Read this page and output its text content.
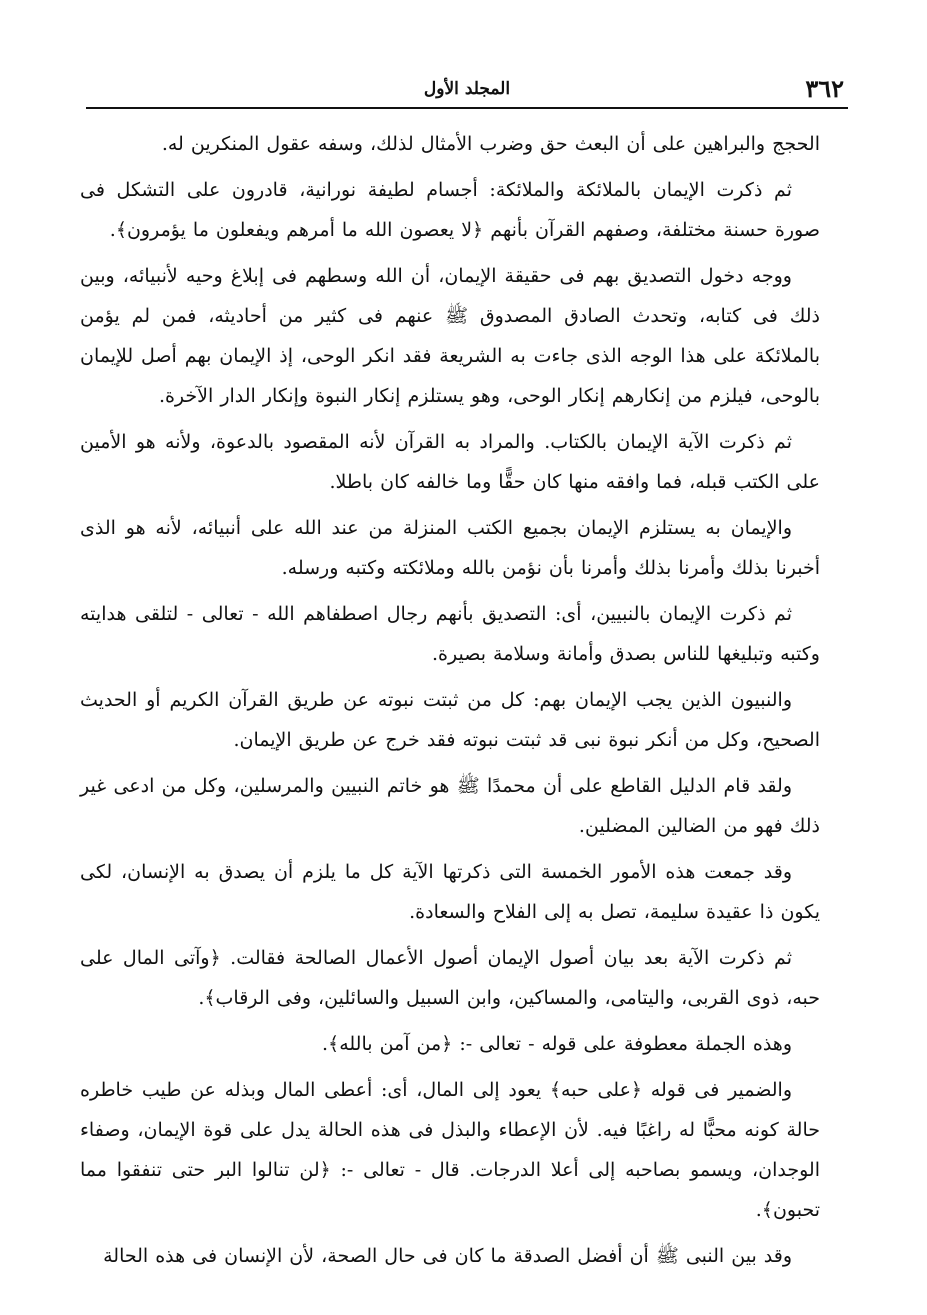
٣٦٢
المجلد الأول

الحجج والبراهين على أن البعث حق وضرب الأمثال لذلك، وسفه عقول المنكرين له.

ثم ذكرت الإيمان بالملائكة والملائكة: أجسام لطيفة نورانية، قادرون على التشكل فى صورة حسنة مختلفة، وصفهم القرآن بأنهم ﴿لا يعصون الله ما أمرهم ويفعلون ما يؤمرون﴾.

ووجه دخول التصديق بهم فى حقيقة الإيمان، أن الله وسطهم فى إبلاغ وحيه لأنبيائه، وبين ذلك فى كتابه، وتحدث الصادق المصدوق ﷺ عنهم فى كثير من أحاديثه، فمن لم يؤمن بالملائكة على هذا الوجه الذى جاءت به الشريعة فقد انكر الوحى، إذ الإيمان بهم أصل للإيمان بالوحى، فيلزم من إنكارهم إنكار الوحى، وهو يستلزم إنكار النبوة وإنكار الدار الآخرة.

ثم ذكرت الآية الإيمان بالكتاب. والمراد به القرآن لأنه المقصود بالدعوة، ولأنه هو الأمين على الكتب قبله، فما وافقه منها كان حقًّا وما خالفه كان باطلا.

والإيمان به يستلزم الإيمان بجميع الكتب المنزلة من عند الله على أنبيائه، لأنه هو الذى أخبرنا بذلك وأمرنا بذلك وأمرنا بأن نؤمن بالله وملائكته وكتبه ورسله.

ثم ذكرت الإيمان بالنبيين، أى: التصديق بأنهم رجال اصطفاهم الله - تعالى - لتلقى هدايته وكتبه وتبليغها للناس بصدق وأمانة وسلامة بصيرة.

والنبيون الذين يجب الإيمان بهم: كل من ثبتت نبوته عن طريق القرآن الكريم أو الحديث الصحيح، وكل من أنكر نبوة نبى قد ثبتت نبوته فقد خرج عن طريق الإيمان.

ولقد قام الدليل القاطع على أن محمدًا ﷺ هو خاتم النبيين والمرسلين، وكل من ادعى غير ذلك فهو من الضالين المضلين.

وقد جمعت هذه الأمور الخمسة التى ذكرتها الآية كل ما يلزم أن يصدق به الإنسان، لكى يكون ذا عقيدة سليمة، تصل به إلى الفلاح والسعادة.

ثم ذكرت الآية بعد بيان أصول الإيمان أصول الأعمال الصالحة فقالت. ﴿وآتى المال على حبه، ذوى القربى، واليتامى، والمساكين، وابن السبيل والسائلين، وفى الرقاب﴾.

وهذه الجملة معطوفة على قوله - تعالى -: ﴿من آمن بالله﴾.

والضمير فى قوله ﴿على حبه﴾ يعود إلى المال، أى: أعطى المال وبذله عن طيب خاطره حالة كونه محبًّا له راغبًا فيه. لأن الإعطاء والبذل فى هذه الحالة يدل على قوة الإيمان، وصفاء الوجدان، ويسمو بصاحبه إلى أعلا الدرجات. قال - تعالى -: ﴿لن تنالوا البر حتى تنفقوا مما تحبون﴾.

وقد بين النبى ﷺ أن أفضل الصدقة ما كان فى حال الصحة، لأن الإنسان فى هذه الحالة
